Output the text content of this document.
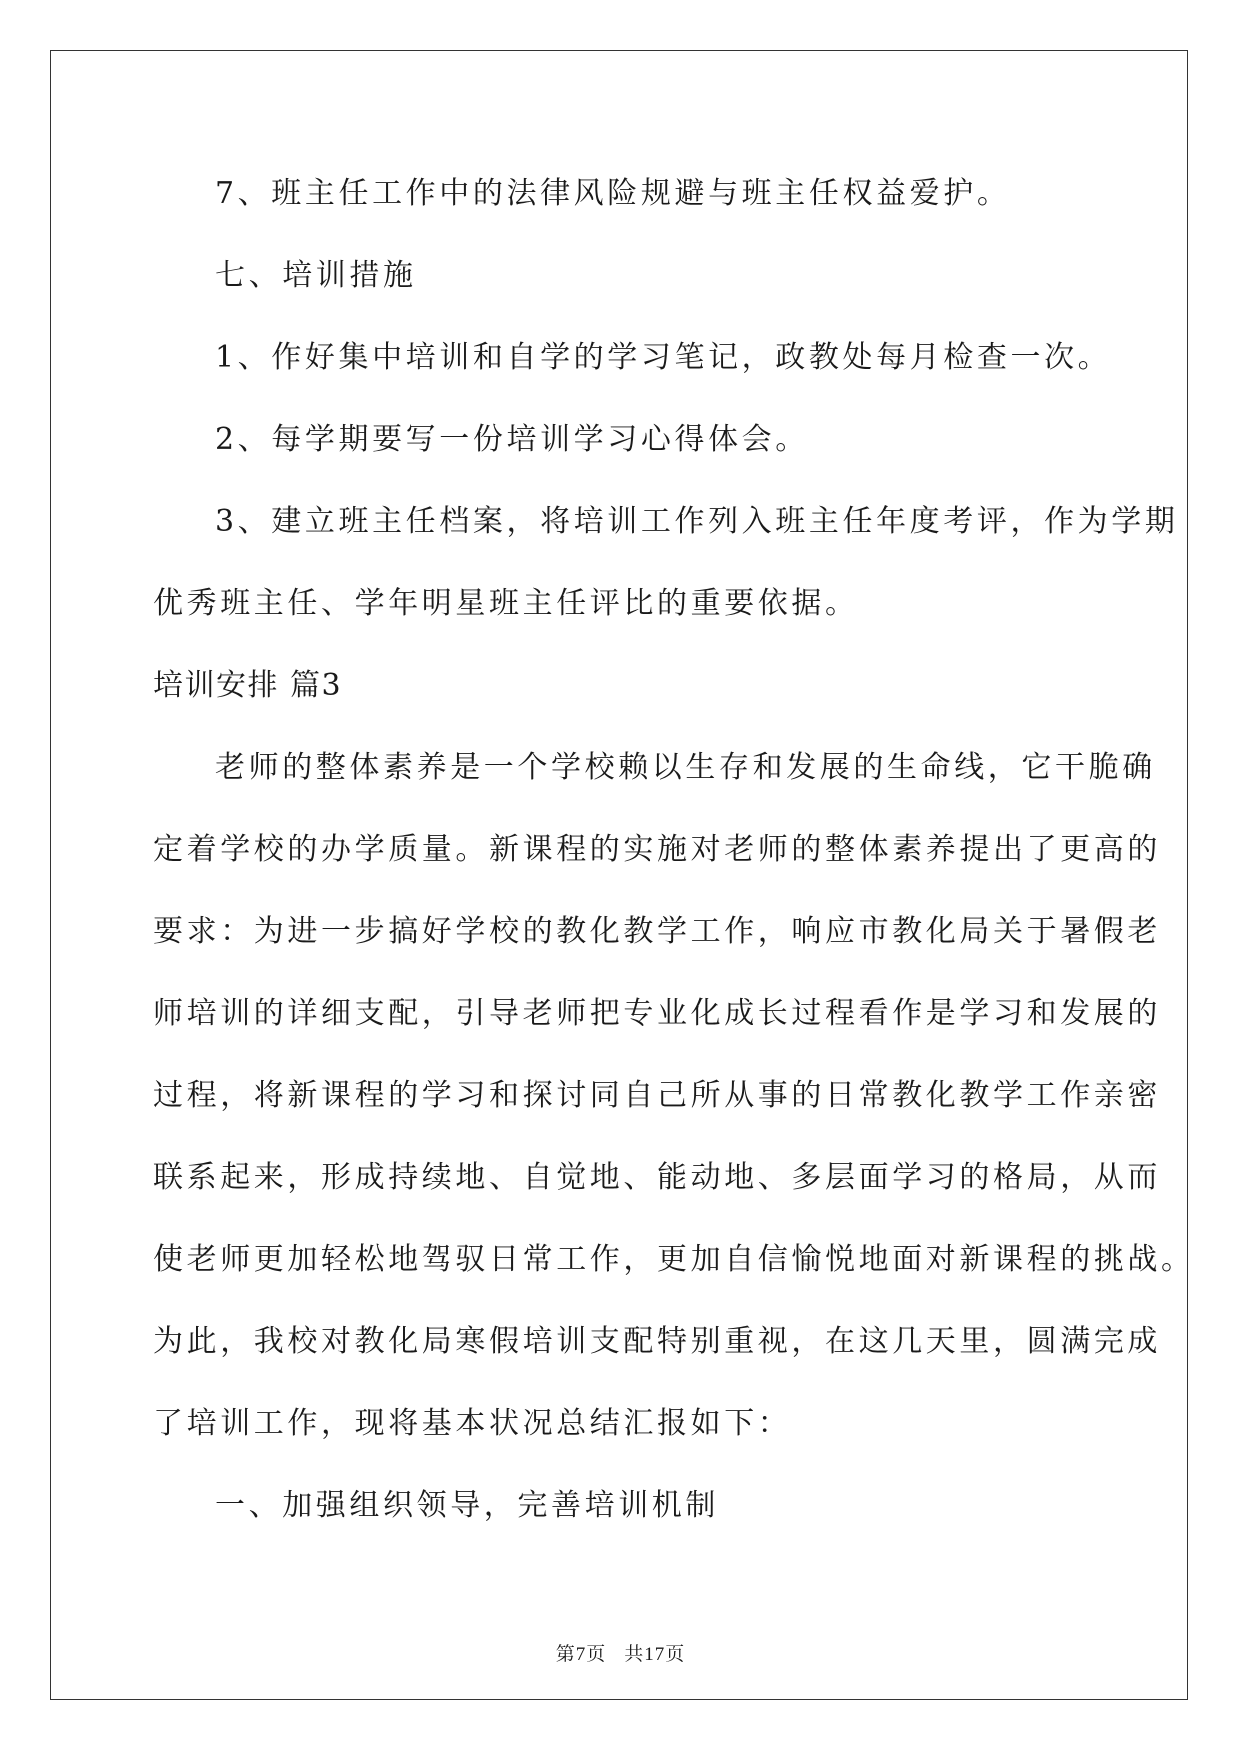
7、班主任工作中的法律风险规避与班主任权益爱护。

七、培训措施

1、作好集中培训和自学的学习笔记，政教处每月检查一次。

2、每学期要写一份培训学习心得体会。

3、建立班主任档案，将培训工作列入班主任年度考评，作为学期

优秀班主任、学年明星班主任评比的重要依据。

培训安排 篇3

老师的整体素养是一个学校赖以生存和发展的生命线，它干脆确

定着学校的办学质量。新课程的实施对老师的整体素养提出了更高的

要求：为进一步搞好学校的教化教学工作，响应市教化局关于暑假老

师培训的详细支配，引导老师把专业化成长过程看作是学习和发展的

过程，将新课程的学习和探讨同自己所从事的日常教化教学工作亲密

联系起来，形成持续地、自觉地、能动地、多层面学习的格局，从而

使老师更加轻松地驾驭日常工作，更加自信愉悦地面对新课程的挑战。

为此，我校对教化局寒假培训支配特别重视，在这几天里，圆满完成

了培训工作，现将基本状况总结汇报如下：

一、加强组织领导，完善培训机制

第7页 共17页
